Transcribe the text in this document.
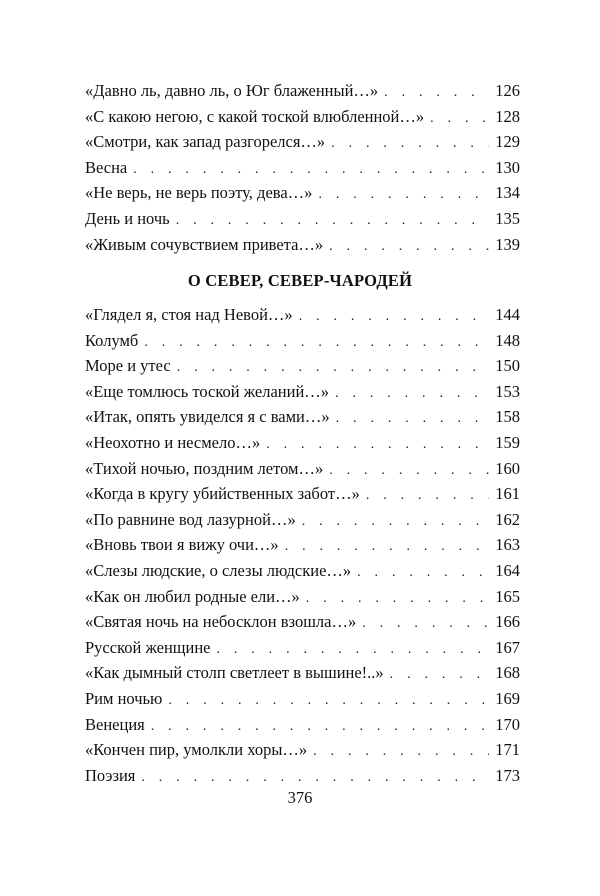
«Давно ль, давно ль, о Юг блаженный…» . . .	126
«С какою негою, с какой тоской влюбленной…» . . .	128
«Смотри, как запад разгорелся…» . . .	129
Весна . . .	130
«Не верь, не верь поэту, дева…» . . .	134
День и ночь . . .	135
«Живым сочувствием привета…» . . .	139
О СЕВЕР, СЕВЕР-ЧАРОДЕЙ
«Глядел я, стоя над Невой…» . . .	144
Колумб . . .	148
Море и утес . . .	150
«Еще томлюсь тоской желаний…» . . .	153
«Итак, опять увиделся я с вами…» . . .	158
«Неохотно и несмело…» . . .	159
«Тихой ночью, поздним летом…» . . .	160
«Когда в кругу убийственных забот…» . . .	161
«По равнине вод лазурной…» . . .	162
«Вновь твои я вижу очи…» . . .	163
«Слезы людские, о слезы людские…» . . .	164
«Как он любил родные ели…» . . .	165
«Святая ночь на небосклон взошла…» . . .	166
Русской женщине . . .	167
«Как дымный столп светлеет в вышине!..» . . .	168
Рим ночью . . .	169
Венеция . . .	170
«Кончен пир, умолкли хоры…» . . .	171
Поэзия . . .	173
376
